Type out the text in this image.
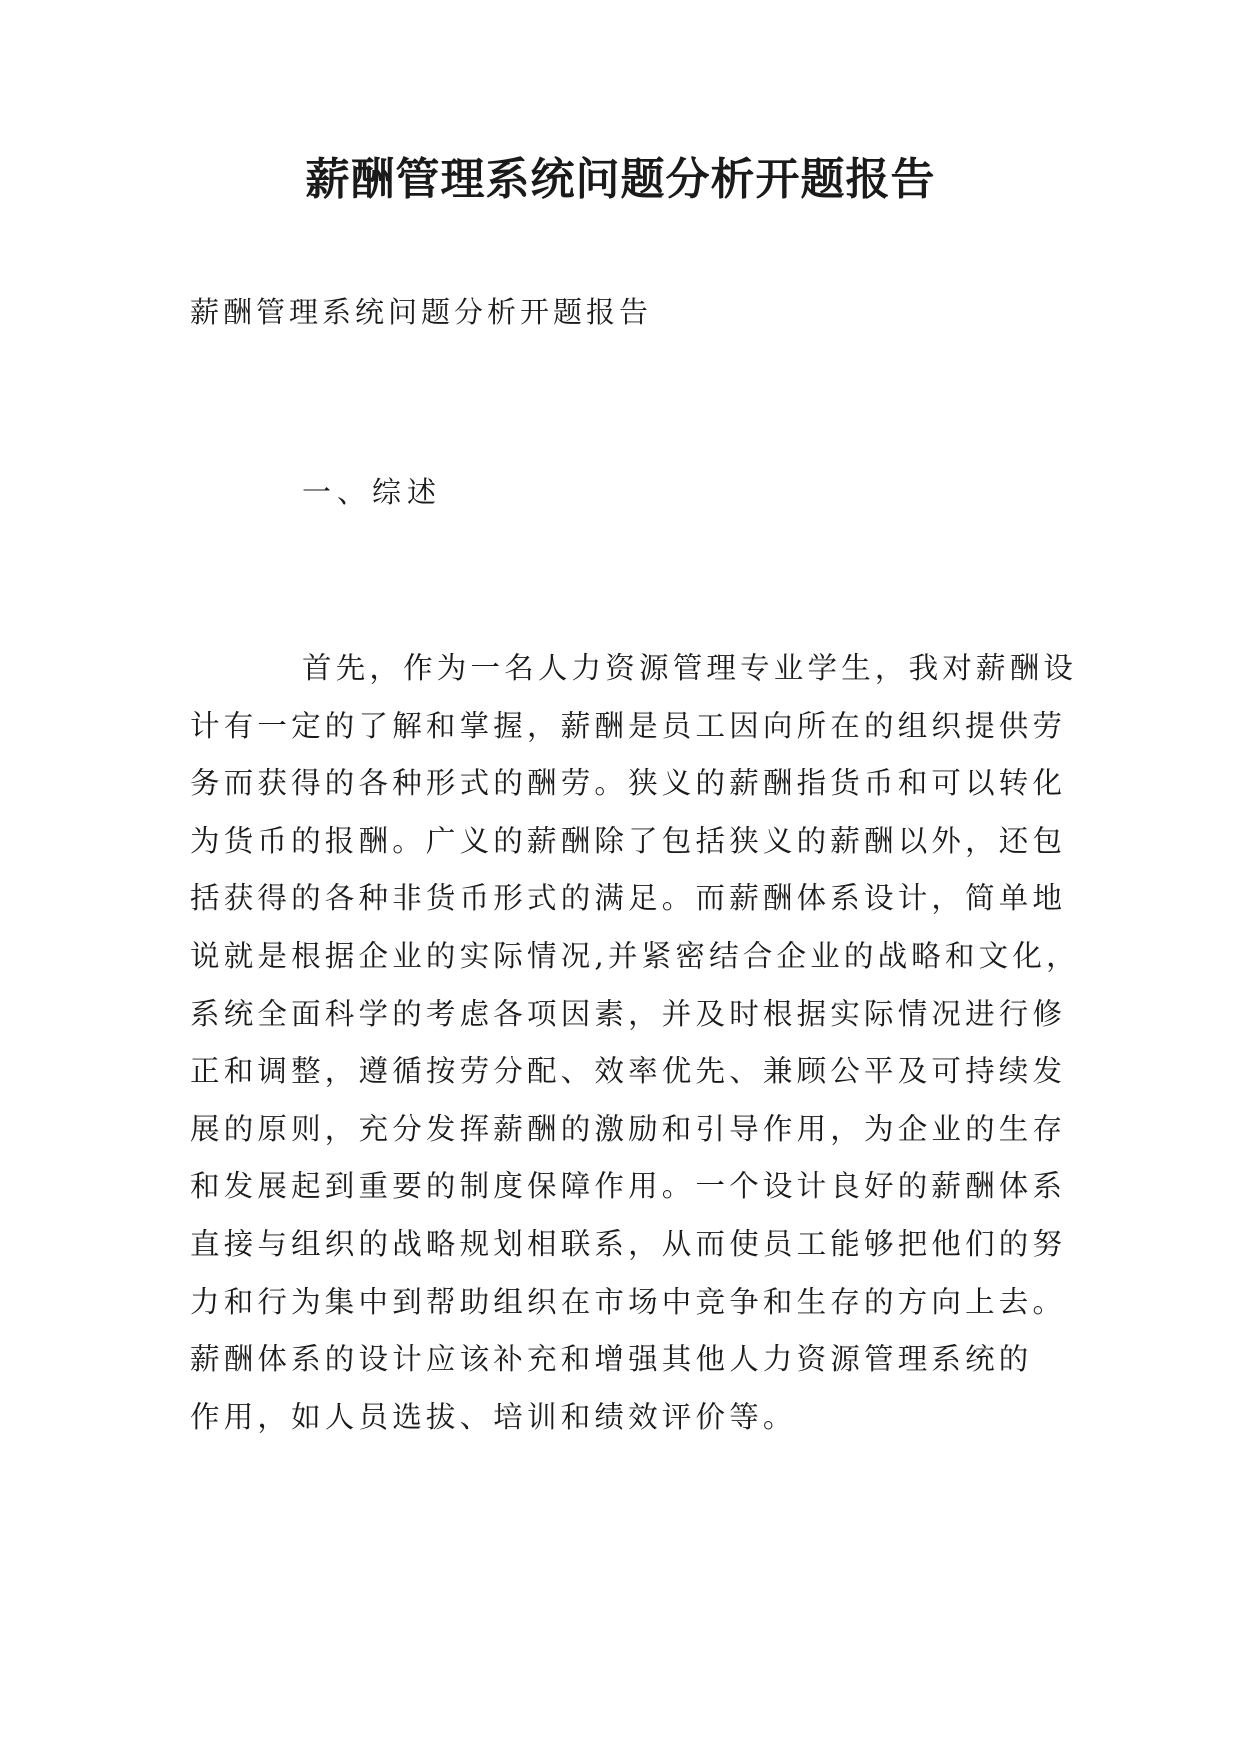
薪酬管理系统问题分析开题报告

薪酬管理系统问题分析开题报告

一、综述

首先，作为一名人力资源管理专业学生，我对薪酬设
计有一定的了解和掌握，薪酬是员工因向所在的组织提供劳
务而获得的各种形式的酬劳。狭义的薪酬指货币和可以转化
为货币的报酬。广义的薪酬除了包括狭义的薪酬以外，还包
括获得的各种非货币形式的满足。而薪酬体系设计，简单地
说就是根据企业的实际情况,并紧密结合企业的战略和文化，
系统全面科学的考虑各项因素，并及时根据实际情况进行修
正和调整，遵循按劳分配、效率优先、兼顾公平及可持续发
展的原则，充分发挥薪酬的激励和引导作用，为企业的生存
和发展起到重要的制度保障作用。一个设计良好的薪酬体系
直接与组织的战略规划相联系，从而使员工能够把他们的努
力和行为集中到帮助组织在市场中竞争和生存的方向上去。
薪酬体系的设计应该补充和增强其他人力资源管理系统的
作用，如人员选拔、培训和绩效评价等。
